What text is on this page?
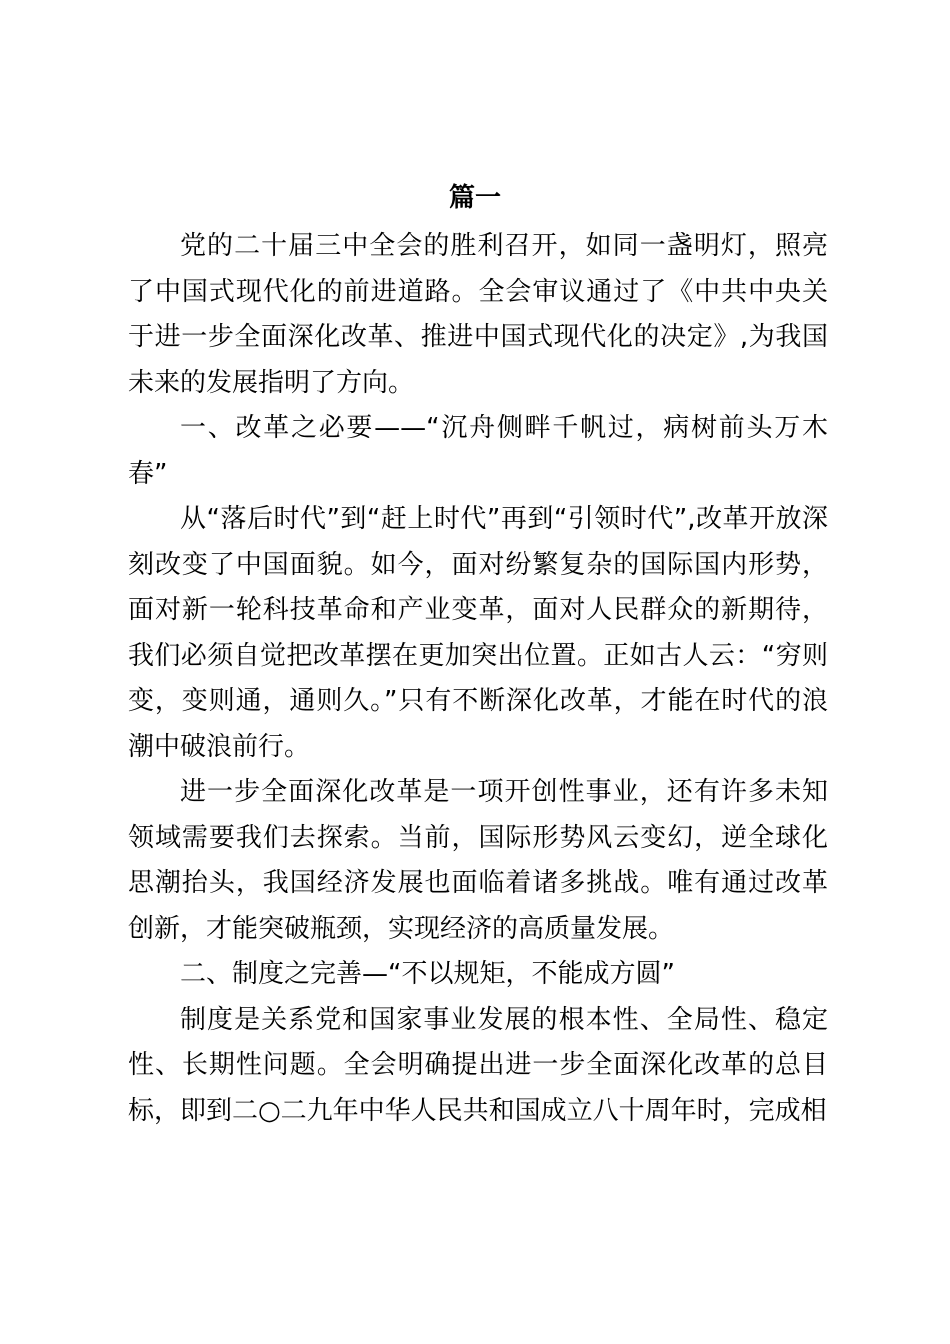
篇一

党的二十届三中全会的胜利召开，如同一盏明灯，照亮了中国式现代化的前进道路。全会审议通过了《中共中央关于进一步全面深化改革、推进中国式现代化的决定》,为我国未来的发展指明了方向。

一、改革之必要——“沉舟侧畔千帆过，病树前头万木春”

从“落后时代”到“赶上时代”再到“引领时代”,改革开放深刻改变了中国面貌。如今，面对纷繁复杂的国际国内形势，面对新一轮科技革命和产业变革，面对人民群众的新期待，我们必须自觉把改革摆在更加突出位置。正如古人云：“穷则变，变则通，通则久。”只有不断深化改革，才能在时代的浪潮中破浪前行。

进一步全面深化改革是一项开创性事业，还有许多未知领域需要我们去探索。当前，国际形势风云变幻，逆全球化思潮抬头，我国经济发展也面临着诸多挑战。唯有通过改革创新，才能突破瓶颈，实现经济的高质量发展。

二、制度之完善—“不以规矩，不能成方圆”

制度是关系党和国家事业发展的根本性、全局性、稳定性、长期性问题。全会明确提出进一步全面深化改革的总目标，即到二○二九年中华人民共和国成立八十周年时，完成相
